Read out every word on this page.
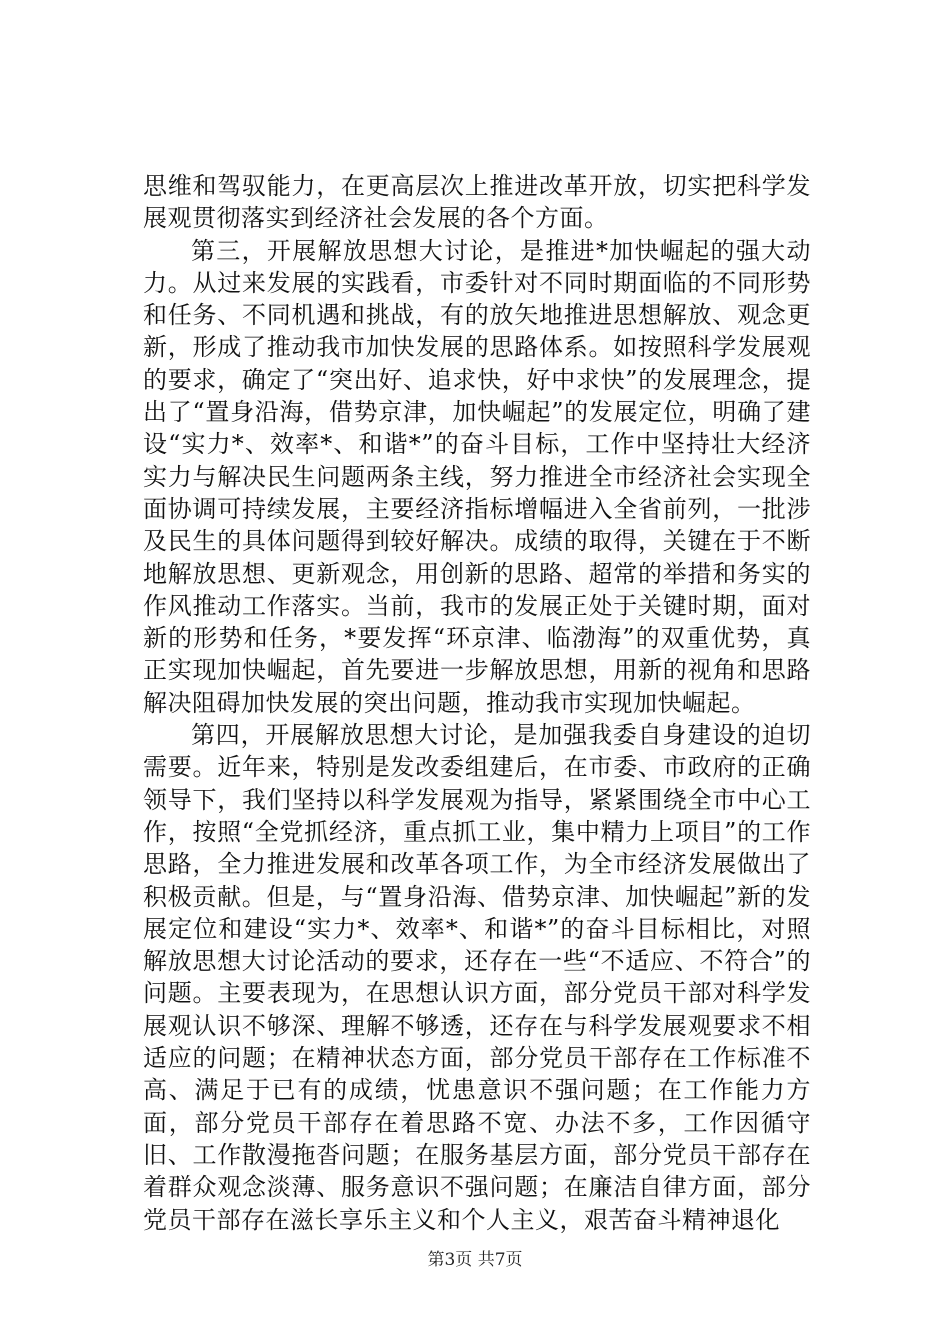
思维和驾驭能力，在更高层次上推进改革开放，切实把科学发展观贯彻落实到经济社会发展的各个方面。

第三，开展解放思想大讨论，是推进*加快崛起的强大动力。从过来发展的实践看，市委针对不同时期面临的不同形势和任务、不同机遇和挑战，有的放矢地推进思想解放、观念更新，形成了推动我市加快发展的思路体系。如按照科学发展观的要求，确定了“突出好、追求快，好中求快”的发展理念，提出了“置身沿海，借势京津，加快崛起”的发展定位，明确了建设“实力*、效率*、和谐*”的奋斗目标，工作中坚持壮大经济实力与解决民生问题两条主线，努力推进全市经济社会实现全面协调可持续发展，主要经济指标增幅进入全省前列，一批涉及民生的具体问题得到较好解决。成绩的取得，关键在于不断地解放思想、更新观念，用创新的思路、超常的举措和务实的作风推动工作落实。当前，我市的发展正处于关键时期，面对新的形势和任务，*要发挥“环京津、临渤海”的双重优势，真正实现加快崛起，首先要进一步解放思想，用新的视角和思路解决阻碍加快发展的突出问题，推动我市实现加快崛起。

第四，开展解放思想大讨论，是加强我委自身建设的迫切需要。近年来，特别是发改委组建后，在市委、市政府的正确领导下，我们坚持以科学发展观为指导，紧紧围绕全市中心工作，按照“全党抓经济，重点抓工业，集中精力上项目”的工作思路，全力推进发展和改革各项工作，为全市经济发展做出了积极贡献。但是，与“置身沿海、借势京津、加快崛起”新的发展定位和建设“实力*、效率*、和谐*”的奋斗目标相比，对照解放思想大讨论活动的要求，还存在一些“不适应、不符合”的问题。主要表现为，在思想认识方面，部分党员干部对科学发展观认识不够深、理解不够透，还存在与科学发展观要求不相适应的问题；在精神状态方面，部分党员干部存在工作标准不高、满足于已有的成绩，忧患意识不强问题；在工作能力方面，部分党员干部存在着思路不宽、办法不多，工作因循守旧、工作散漫拖沓问题；在服务基层方面，部分党员干部存在着群众观念淡薄、服务意识不强问题；在廉洁自律方面，部分党员干部存在滋长享乐主义和个人主义，艰苦奋斗精神退化

第3页 共7页
